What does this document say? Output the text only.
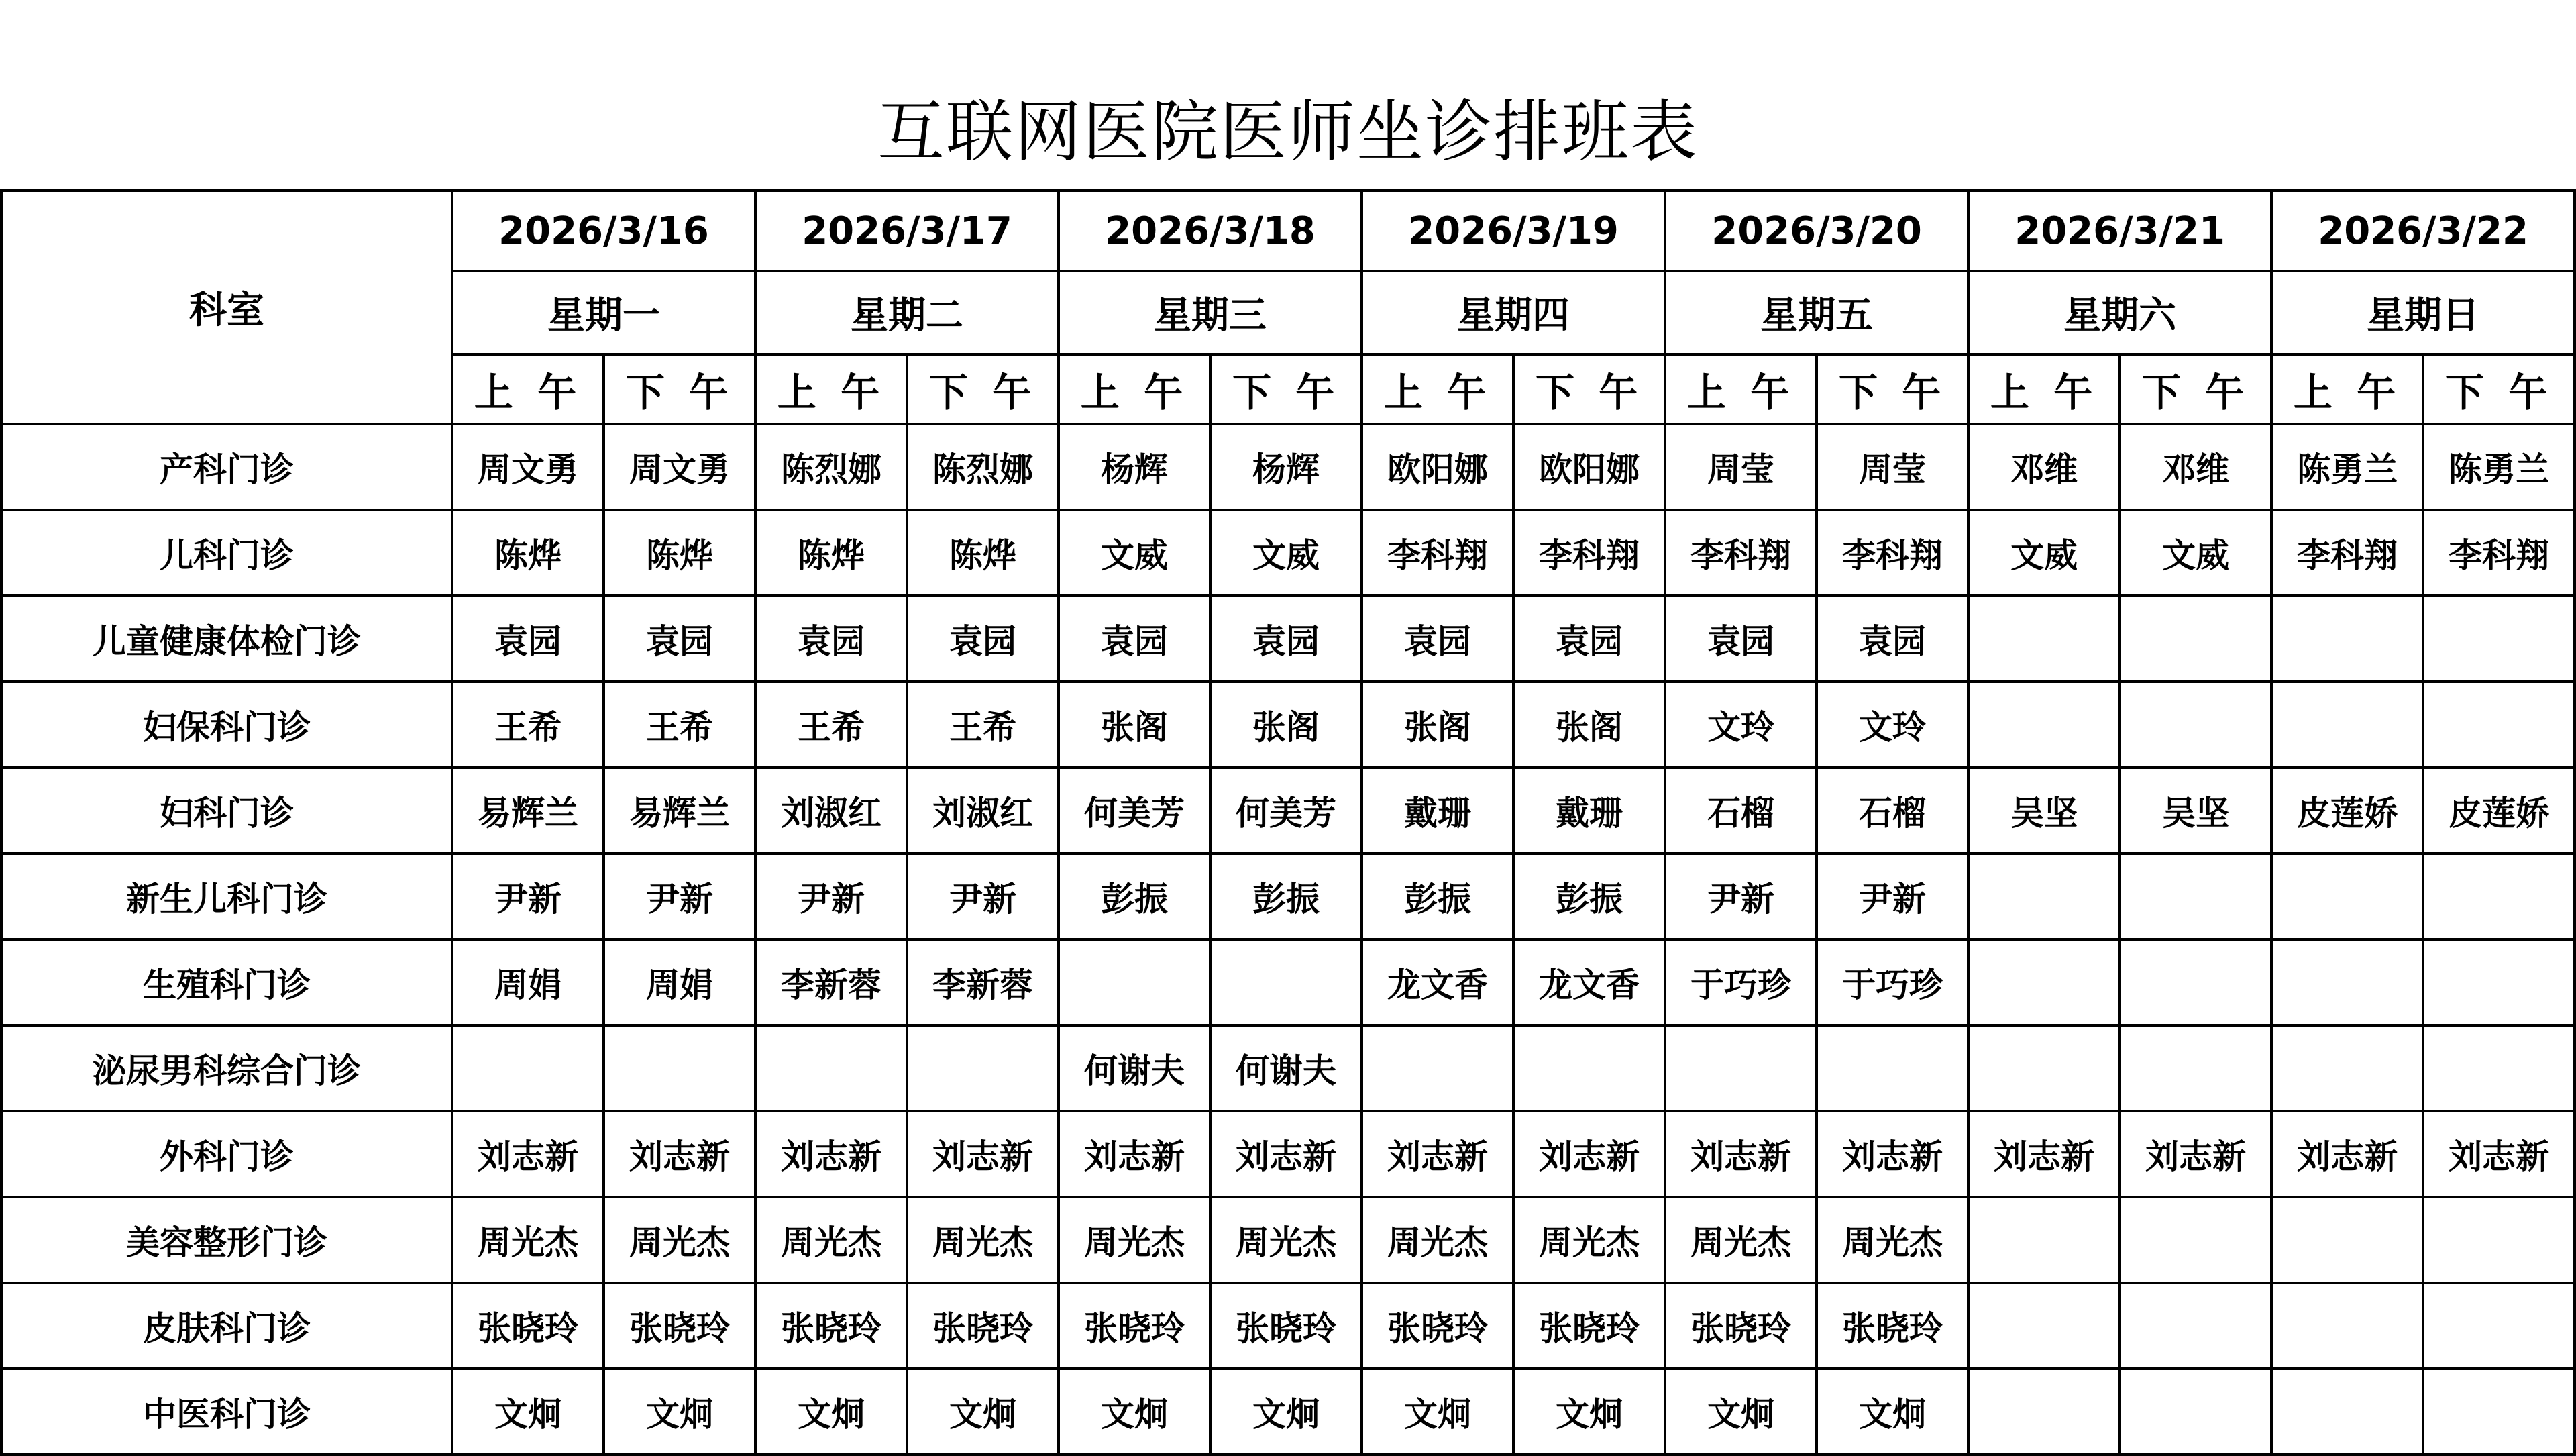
互联网医院医师坐诊排班表
科室	2026/3/16		2026/3/17		2026/3/18		2026/3/19		2026/3/20		2026/3/21		2026/3/22	
	星期一		星期二		星期三		星期四		星期五		星期六		星期日	
	上 午	下 午	上 午	下 午	上 午	下 午	上 午	下 午	上 午	下 午	上 午	下 午	上 午	下 午
产科门诊	周文勇	周文勇	陈烈娜	陈烈娜	杨辉	杨辉	欧阳娜	欧阳娜	周莹	周莹	邓维	邓维	陈勇兰	陈勇兰
儿科门诊	陈烨	陈烨	陈烨	陈烨	文威	文威	李科翔	李科翔	李科翔	李科翔	文威	文威	李科翔	李科翔
儿童健康体检门诊	袁园	袁园	袁园	袁园	袁园	袁园	袁园	袁园	袁园	袁园				
妇保科门诊	王希	王希	王希	王希	张阁	张阁	张阁	张阁	文玲	文玲				
妇科门诊	易辉兰	易辉兰	刘淑红	刘淑红	何美芳	何美芳	戴珊	戴珊	石榴	石榴	吴坚	吴坚	皮莲娇	皮莲娇
新生儿科门诊	尹新	尹新	尹新	尹新	彭振	彭振	彭振	彭振	尹新	尹新				
生殖科门诊	周娟	周娟	李新蓉	李新蓉			龙文香	龙文香	于巧珍	于巧珍				
泌尿男科综合门诊					何谢夫	何谢夫								
外科门诊	刘志新	刘志新	刘志新	刘志新	刘志新	刘志新	刘志新	刘志新	刘志新	刘志新	刘志新	刘志新	刘志新	刘志新
美容整形门诊	周光杰	周光杰	周光杰	周光杰	周光杰	周光杰	周光杰	周光杰	周光杰	周光杰				
皮肤科门诊	张晓玲	张晓玲	张晓玲	张晓玲	张晓玲	张晓玲	张晓玲	张晓玲	张晓玲	张晓玲				
中医科门诊	文炯	文炯	文炯	文炯	文炯	文炯	文炯	文炯	文炯	文炯				
